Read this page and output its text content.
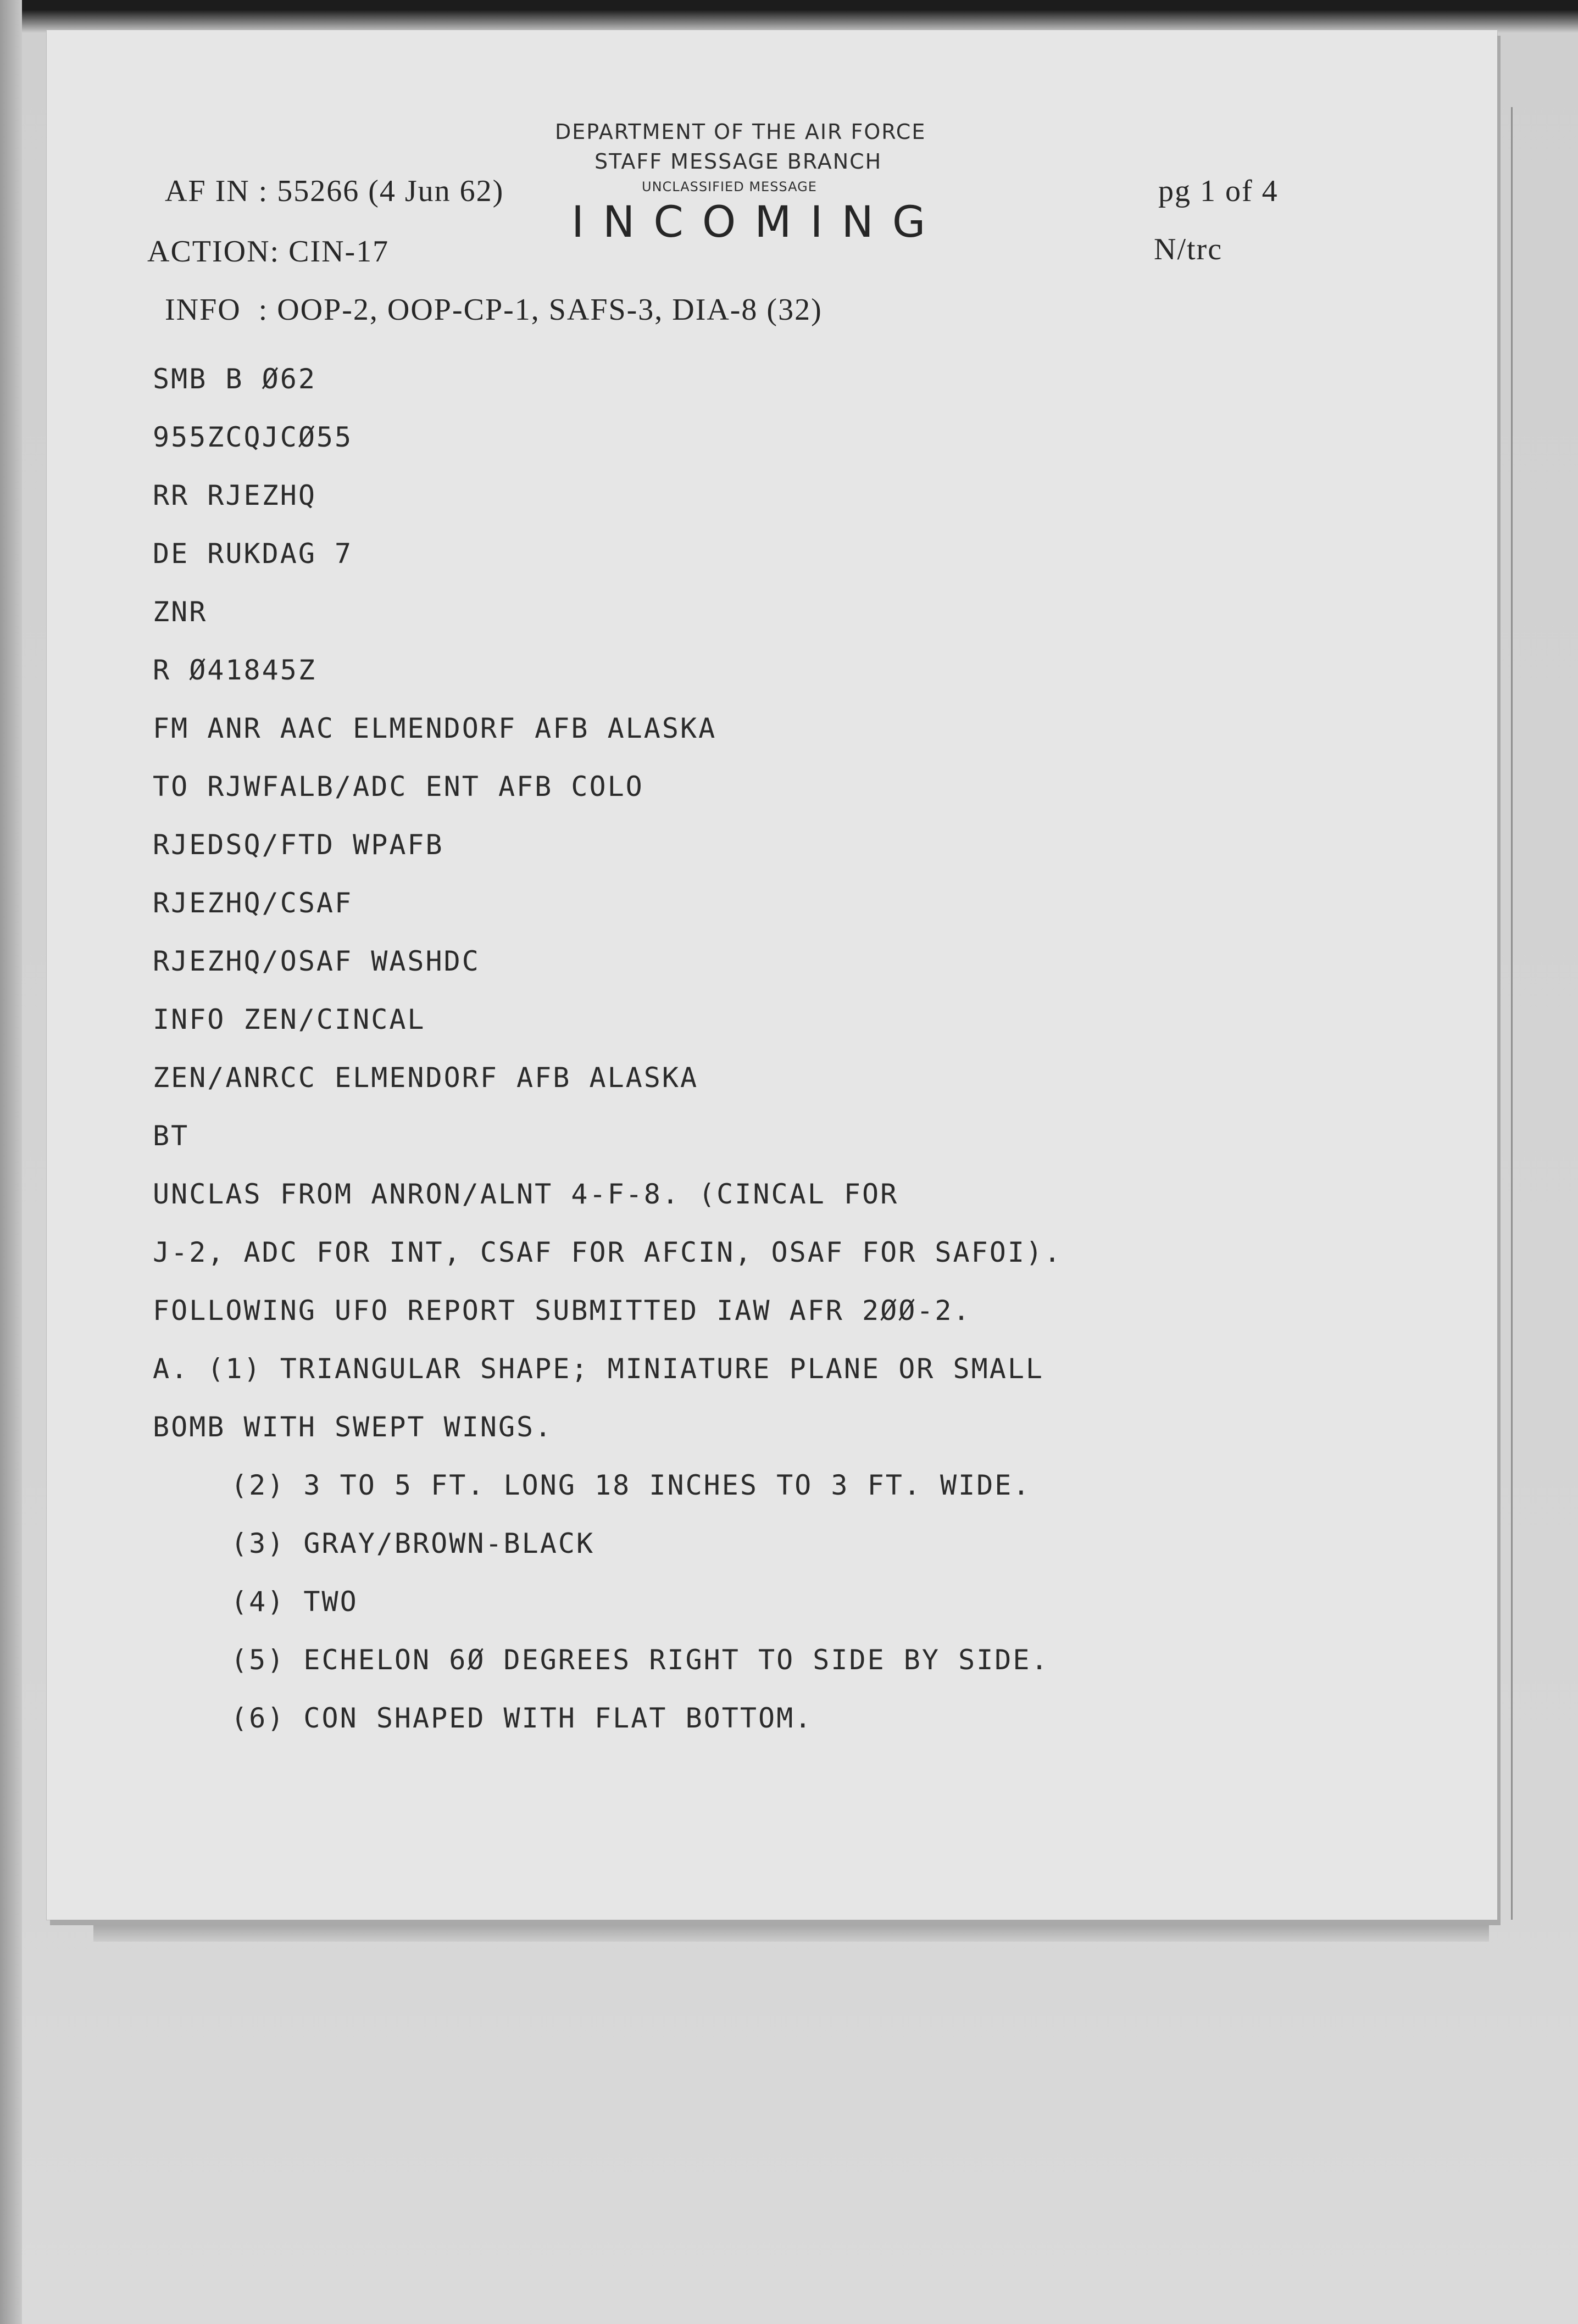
DEPARTMENT OF THE AIR FORCE
STAFF MESSAGE BRANCH
UNCLASSIFIED MESSAGE
INCOMING
AF IN : 55266 (4 Jun 62)
ACTION: CIN-17
INFO  : OOP-2, OOP-CP-1, SAFS-3, DIA-8 (32)
pg 1 of 4
N/trc
SMB B Ø62
955ZCQJCØ55
RR RJEZHQ
DE RUKDAG 7
ZNR
R Ø41845Z
FM ANR AAC ELMENDORF AFB ALASKA
TO RJWFALB/ADC ENT AFB COLO
RJEDSQ/FTD WPAFB
RJEZHQ/CSAF
RJEZHQ/OSAF WASHDC
INFO ZEN/CINCAL
ZEN/ANRCC ELMENDORF AFB ALASKA
BT
UNCLAS FROM ANRON/ALNT 4-F-8. (CINCAL FOR
J-2, ADC FOR INT, CSAF FOR AFCIN, OSAF FOR SAFOI).
FOLLOWING UFO REPORT SUBMITTED IAW AFR 2ØØ-2.
A. (1) TRIANGULAR SHAPE; MINIATURE PLANE OR SMALL
BOMB WITH SWEPT WINGS.
(2) 3 TO 5 FT. LONG 18 INCHES TO 3 FT. WIDE.
(3) GRAY/BROWN-BLACK
(4) TWO
(5) ECHELON 6Ø DEGREES RIGHT TO SIDE BY SIDE.
(6) CON SHAPED WITH FLAT BOTTOM.
